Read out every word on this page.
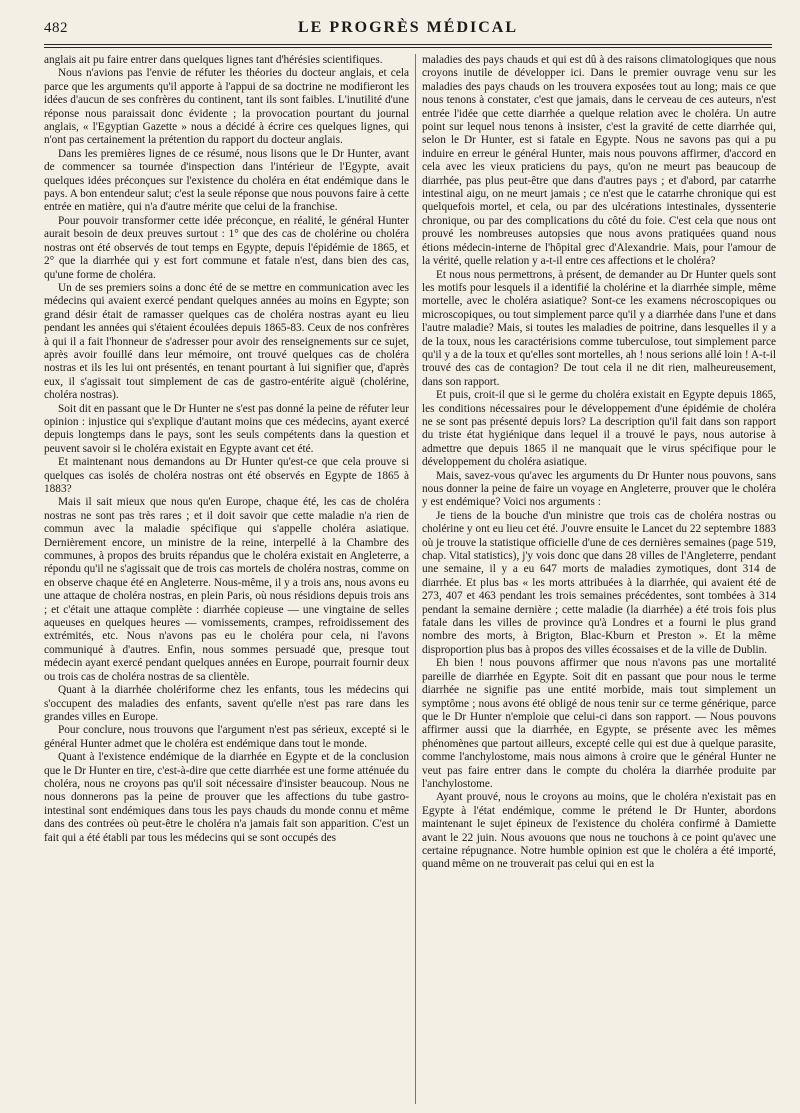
482	LE PROGRÈS MÉDICAL

anglais ait pu faire entrer dans quelques lignes tant d'hérésies scientifiques.

Nous n'avions pas l'envie de réfuter les théories du docteur anglais, et cela parce que les arguments qu'il apporte à l'appui de sa doctrine ne modifieront les idées d'aucun de ses confrères du continent, tant ils sont faibles. L'inutilité d'une réponse nous paraissait donc évidente ; la provocation pourtant du journal anglais, « l'Egyptian Gazette » nous a décidé à écrire ces quelques lignes, qui n'ont pas certainement la prétention du rapport du docteur anglais.

Dans les premières lignes de ce résumé, nous lisons que le Dr Hunter, avant de commencer sa tournée d'inspection dans l'intérieur de l'Egypte, avait quelques idées préconçues sur l'existence du choléra en état endémique dans le pays. A bon entendeur salut; c'est la seule réponse que nous pouvons faire à cette entrée en matière, qui n'a d'autre mérite que celui de la franchise.

Pour pouvoir transformer cette idée préconçue, en réalité, le général Hunter aurait besoin de deux preuves surtout : 1° que des cas de cholérine ou choléra nostras ont été observés de tout temps en Egypte, depuis l'épidémie de 1865, et 2° que la diarrhée qui y est fort commune et fatale n'est, dans bien des cas, qu'une forme de choléra.

Un de ses premiers soins a donc été de se mettre en communication avec les médecins qui avaient exercé pendant quelques années au moins en Egypte; son grand désir était de ramasser quelques cas de choléra nostras ayant eu lieu pendant les années qui s'étaient écoulées depuis 1865-83. Ceux de nos confrères à qui il a fait l'honneur de s'adresser pour avoir des renseignements sur ce sujet, après avoir fouillé dans leur mémoire, ont trouvé quelques cas de choléra nostras et ils les lui ont présentés, en tenant pourtant à lui signifier que, d'après eux, il s'agissait tout simplement de cas de gastro-entérite aiguë (cholérine, choléra nostras).

Soit dit en passant que le Dr Hunter ne s'est pas donné la peine de réfuter leur opinion : injustice qui s'explique d'autant moins que ces médecins, ayant exercé depuis longtemps dans le pays, sont les seuls compétents dans la question et peuvent savoir si le choléra existait en Egypte avant cet été.

Et maintenant nous demandons au Dr Hunter qu'est-ce que cela prouve si quelques cas isolés de choléra nostras ont été observés en Egypte de 1865 à 1883?

Mais il sait mieux que nous qu'en Europe, chaque été, les cas de choléra nostras ne sont pas très rares ; et il doit savoir que cette maladie n'a rien de commun avec la maladie spécifique qui s'appelle choléra asiatique. Dernièrement encore, un ministre de la reine, interpellé à la Chambre des communes, à propos des bruits répandus que le choléra existait en Angleterre, a répondu qu'il ne s'agissait que de trois cas mortels de choléra nostras, comme on en observe chaque été en Angleterre. Nous-même, il y a trois ans, nous avons eu une attaque de choléra nostras, en plein Paris, où nous résidions depuis trois ans ; et c'était une attaque complète : diarrhée copieuse — une vingtaine de selles aqueuses en quelques heures — vomissements, crampes, refroidissement des extrémités, etc. Nous n'avons pas eu le choléra pour cela, ni l'avons communiqué à d'autres. Enfin, nous sommes persuadé que, presque tout médecin ayant exercé pendant quelques années en Europe, pourrait fournir deux ou trois cas de choléra nostras de sa clientèle.

Quant à la diarrhée cholériforme chez les enfants, tous les médecins qui s'occupent des maladies des enfants, savent qu'elle n'est pas rare dans les grandes villes en Europe.

Pour conclure, nous trouvons que l'argument n'est pas sérieux, excepté si le général Hunter admet que le choléra est endémique dans tout le monde.

Quant à l'existence endémique de la diarrhée en Egypte et de la conclusion que le Dr Hunter en tire, c'est-à-dire que cette diarrhée est une forme atténuée du choléra, nous ne croyons pas qu'il soit nécessaire d'insister beaucoup. Nous ne nous donnerons pas la peine de prouver que les affections du tube gastro-intestinal sont endémiques dans tous les pays chauds du monde connu et même dans des contrées où peut-être le choléra n'a jamais fait son apparition. C'est un fait qui a été établi par tous les médecins qui se sont occupés des

maladies des pays chauds et qui est dû à des raisons climatologiques que nous croyons inutile de développer ici. Dans le premier ouvrage venu sur les maladies des pays chauds on les trouvera exposées tout au long; mais ce que nous tenons à constater, c'est que jamais, dans le cerveau de ces auteurs, n'est entrée l'idée que cette diarrhée a quelque relation avec le choléra. Un autre point sur lequel nous tenons à insister, c'est la gravité de cette diarrhée qui, selon le Dr Hunter, est si fatale en Egypte. Nous ne savons pas qui a pu induire en erreur le général Hunter, mais nous pouvons affirmer, d'accord en cela avec les vieux praticiens du pays, qu'on ne meurt pas beaucoup de diarrhée, pas plus peut-être que dans d'autres pays ; et d'abord, par catarrhe intestinal aigu, on ne meurt jamais ; ce n'est que le catarrhe chronique qui est quelquefois mortel, et cela, ou par des ulcérations intestinales, dyssenterie chronique, ou par des complications du côté du foie. C'est cela que nous ont prouvé les nombreuses autopsies que nous avons pratiquées quand nous étions médecin-interne de l'hôpital grec d'Alexandrie. Mais, pour l'amour de la vérité, quelle relation y a-t-il entre ces affections et le choléra?

Et nous nous permettrons, à présent, de demander au Dr Hunter quels sont les motifs pour lesquels il a identifié la cholérine et la diarrhée simple, même mortelle, avec le choléra asiatique? Sont-ce les examens nécroscopiques ou microscopiques, ou tout simplement parce qu'il y a diarrhée dans l'une et dans l'autre maladie? Mais, si toutes les maladies de poitrine, dans lesquelles il y a de la toux, nous les caractérisions comme tuberculose, tout simplement parce qu'il y a de la toux et qu'elles sont mortelles, ah ! nous serions allé loin ! A-t-il trouvé des cas de contagion? De tout cela il ne dit rien, malheureusement, dans son rapport.

Et puis, croit-il que si le germe du choléra existait en Egypte depuis 1865, les conditions nécessaires pour le développement d'une épidémie de choléra ne se sont pas présenté depuis lors? La description qu'il fait dans son rapport du triste état hygiénique dans lequel il a trouvé le pays, nous autorise à admettre que depuis 1865 il ne manquait que le virus spécifique pour le développement du choléra asiatique.

Mais, savez-vous qu'avec les arguments du Dr Hunter nous pouvons, sans nous donner la peine de faire un voyage en Angleterre, prouver que le choléra y est endémique? Voici nos arguments :

Je tiens de la bouche d'un ministre que trois cas de choléra nostras ou cholérine y ont eu lieu cet été. J'ouvre ensuite le Lancet du 22 septembre 1883 où je trouve la statistique officielle d'une de ces dernières semaines (page 519, chap. Vital statistics), j'y vois donc que dans 28 villes de l'Angleterre, pendant une semaine, il y a eu 647 morts de maladies zymotiques, dont 314 de diarrhée. Et plus bas « les morts attribuées à la diarrhée, qui avaient été de 273, 407 et 463 pendant les trois semaines précédentes, sont tombées à 314 pendant la semaine dernière ; cette maladie (la diarrhée) a été trois fois plus fatale dans les villes de province qu'à Londres et a fourni le plus grand nombre des morts, à Brigton, Blac-Kburn et Preston ». Et la même disproportion plus bas à propos des villes écossaises et de la ville de Dublin.

Eh bien ! nous pouvons affirmer que nous n'avons pas une mortalité pareille de diarrhée en Egypte. Soit dit en passant que pour nous le terme diarrhée ne signifie pas une entité morbide, mais tout simplement un symptôme ; nous avons été obligé de nous tenir sur ce terme générique, parce que le Dr Hunter n'emploie que celui-ci dans son rapport. — Nous pouvons affirmer aussi que la diarrhée, en Egypte, se présente avec les mêmes phénomènes que partout ailleurs, excepté celle qui est due à quelque parasite, comme l'anchylostome, mais nous aimons à croire que le général Hunter ne veut pas faire entrer dans le compte du choléra la diarrhée produite par l'anchylostome.

Ayant prouvé, nous le croyons au moins, que le choléra n'existait pas en Egypte à l'état endémique, comme le prétend le Dr Hunter, abordons maintenant le sujet épineux de l'existence du choléra confirmé à Damiette avant le 22 juin. Nous avouons que nous ne touchons à ce point qu'avec une certaine répugnance. Notre humble opinion est que le choléra a été importé, quand même on ne trouverait pas celui qui en est la
